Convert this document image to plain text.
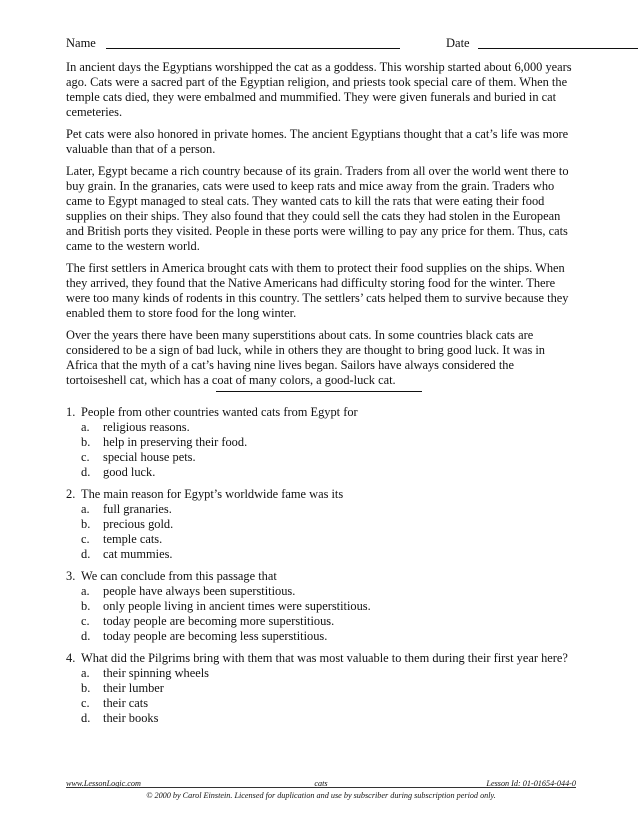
Name	Date

In ancient days the Egyptians worshipped the cat as a goddess. This worship started about 6,000 years ago. Cats were a sacred part of the Egyptian religion, and priests took special care of them. When the temple cats died, they were embalmed and mummified. They were given funerals and buried in cat cemeteries.

Pet cats were also honored in private homes. The ancient Egyptians thought that a cat’s life was more valuable than that of a person.

Later, Egypt became a rich country because of its grain. Traders from all over the world went there to buy grain. In the granaries, cats were used to keep rats and mice away from the grain. Traders who came to Egypt managed to steal cats. They wanted cats to kill the rats that were eating their food supplies on their ships. They also found that they could sell the cats they had stolen in the European and British ports they visited. People in these ports were willing to pay any price for them. Thus, cats came to the western world.

The first settlers in America brought cats with them to protect their food supplies on the ships. When they arrived, they found that the Native Americans had difficulty storing food for the winter. There were too many kinds of rodents in this country. The settlers’ cats helped them to survive because they enabled them to store food for the long winter.

Over the years there have been many superstitions about cats. In some countries black cats are considered to be a sign of bad luck, while in others they are thought to bring good luck. It was in Africa that the myth of a cat’s having nine lives began. Sailors have always considered the tortoiseshell cat, which has a coat of many colors, a good-luck cat.

1. People from other countries wanted cats from Egypt for
a.	religious reasons.
b.	help in preserving their food.
c.	special house pets.
d.	good luck.
2. The main reason for Egypt’s worldwide fame was its
a.	full granaries.
b.	precious gold.
c.	temple cats.
d.	cat mummies.
3. We can conclude from this passage that
a.	people have always been superstitious.
b.	only people living in ancient times were superstitious.
c.	today people are becoming more superstitious.
d.	today people are becoming less superstitious.
4. What did the Pilgrims bring with them that was most valuable to them during their first year here?
a.	their spinning wheels
b.	their lumber
c.	their cats
d.	their books
www.LessonLogic.com	cats	Lesson Id: 01-01654-044-0
© 2000 by Carol Einstein. Licensed for duplication and use by subscriber during subscription period only.
